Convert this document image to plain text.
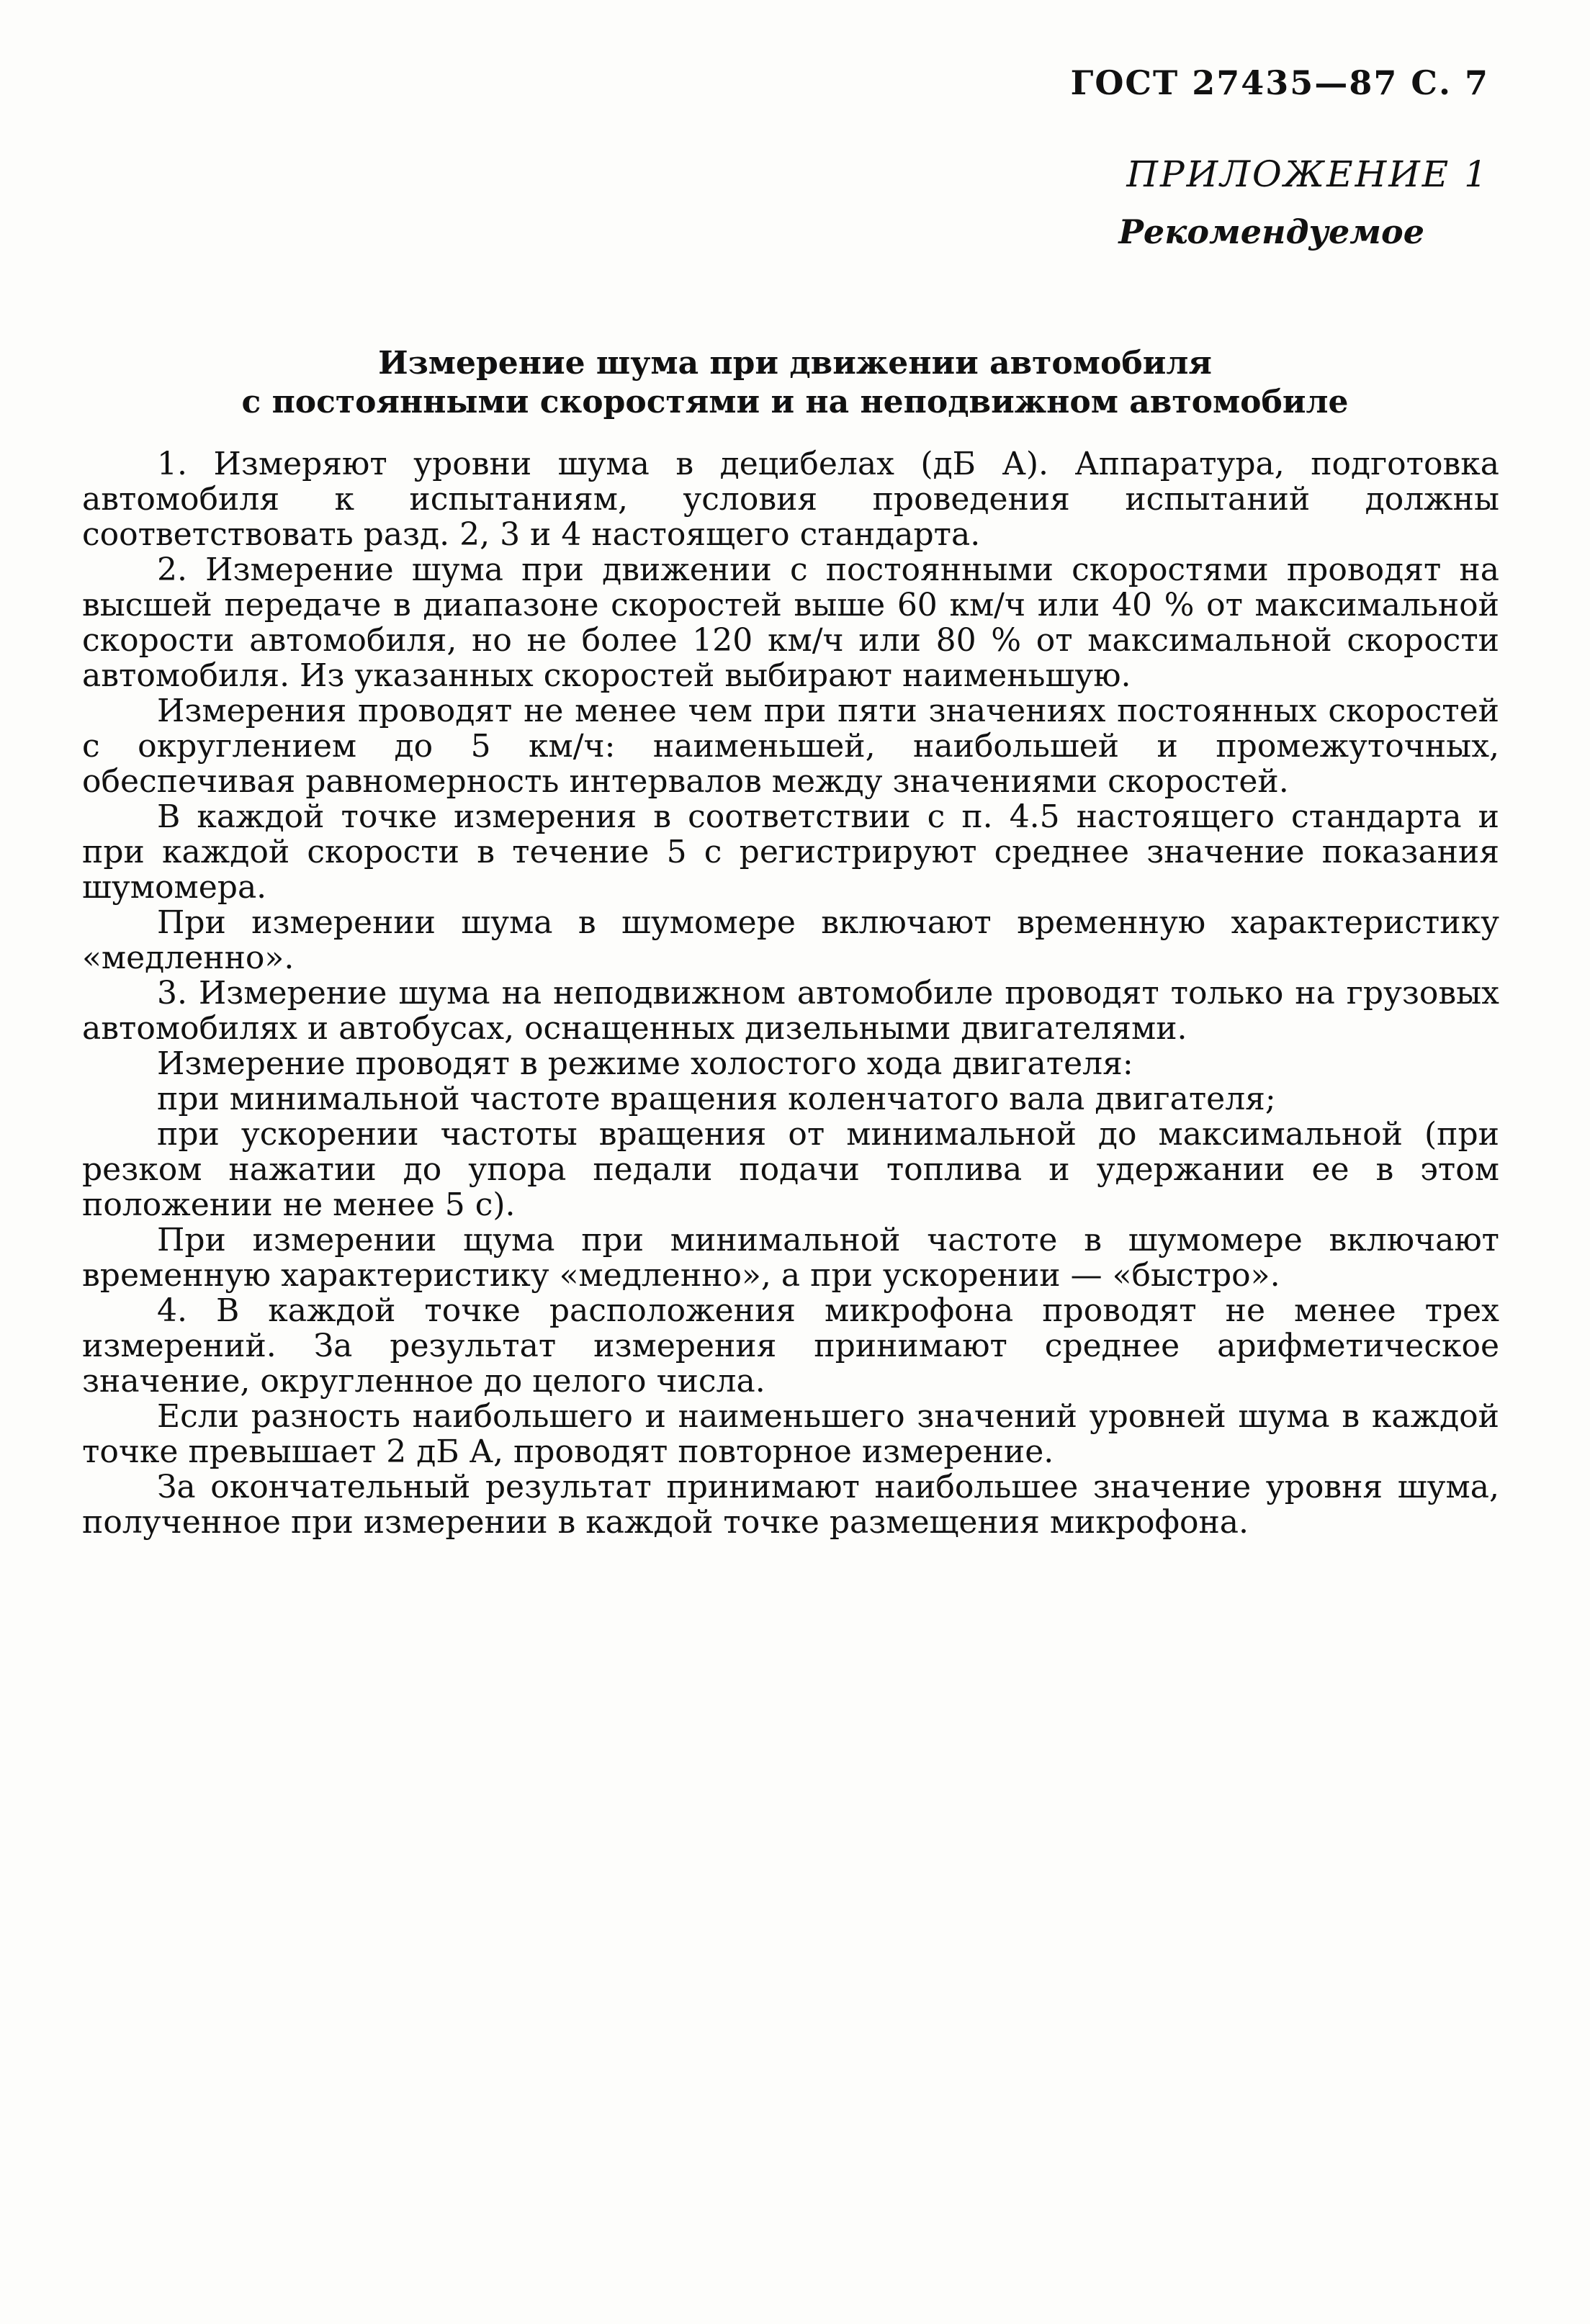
ГОСТ 27435—87 С. 7
ПРИЛОЖЕНИЕ 1
Рекомендуемое
Измерение шума при движении автомобиля
с постоянными скоростями и на неподвижном автомобиле

1. Измеряют уровни шума в децибелах (дБ А). Аппаратура, подготовка автомобиля к испытаниям, условия проведения испытаний должны соответствовать разд. 2, 3 и 4 настоящего стандарта.

2. Измерение шума при движении с постоянными скоростями проводят на высшей передаче в диапазоне скоростей выше 60 км/ч или 40 % от максимальной скорости автомобиля, но не более 120 км/ч или 80 % от максимальной скорости автомобиля. Из указанных скоростей выбирают наименьшую.

Измерения проводят не менее чем при пяти значениях постоянных скоростей с округлением до 5 км/ч: наименьшей, наибольшей и промежуточных, обеспечивая равномерность интервалов между значениями скоростей.

В каждой точке измерения в соответствии с п. 4.5 настоящего стандарта и при каждой скорости в течение 5 с регистрируют среднее значение показания шумомера.

При измерении шума в шумомере включают временную характеристику «медленно».

3. Измерение шума на неподвижном автомобиле проводят только на грузовых автомобилях и автобусах, оснащенных дизельными двигателями.

Измерение проводят в режиме холостого хода двигателя:

при минимальной частоте вращения коленчатого вала двигателя;

при ускорении частоты вращения от минимальной до максимальной (при резком нажатии до упора педали подачи топлива и удержании ее в этом положении не менее 5 с).

При измерении щума при минимальной частоте в шумомере включают временную характеристику «медленно», а при ускорении — «быстро».

4. В каждой точке расположения микрофона проводят не менее трех измерений. За результат измерения принимают среднее арифметическое значение, округленное до целого числа.

Если разность наибольшего и наименьшего значений уровней шума в каждой точке превышает 2 дБ А, проводят повторное измерение.

За окончательный результат принимают наибольшее значение уровня шума, полученное при измерении в каждой точке размещения микрофона.
